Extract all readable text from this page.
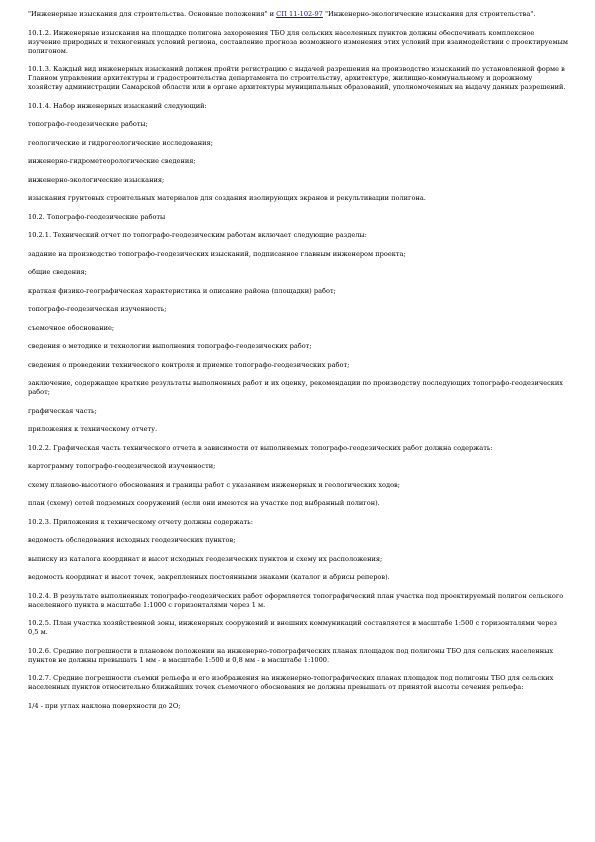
"Инженерные изыскания для строительства. Основные положения" и СП 11-102-97 "Инженерно-экологические изыскания для строительства".

10.1.2. Инженерные изыскания на площадке полигона захоронения ТБО для сельских населенных пунктов должны обеспечивать комплексное изучение природных и техногенных условий региона, составление прогноза возможного изменения этих условий при взаимодействии с проектируемым полигоном.

10.1.3. Каждый вид инженерных изысканий должен пройти регистрацию с выдачей разрешения на производство изысканий по установленной форме в Главном управлении архитектуры и градостроительства департамента по строительству, архитектуре, жилищно-коммунальному и дорожному хозяйству администрации Самарской области или в органе архитектуры муниципальных образований, уполномоченных на выдачу данных разрешений.

10.1.4. Набор инженерных изысканий следующий:

топографо-геодезические работы;

геологические и гидрогеологические исследования;

инженерно-гидрометеорологические сведения;

инженерно-экологические изыскания;

изыскания грунтовых строительных материалов для создания изолирующих экранов и рекультивации полигона.

10.2. Топографо-геодезические работы

10.2.1. Технический отчет по топографо-геодезическим работам включает следующие разделы:

задание на производство топографо-геодезических изысканий, подписанное главным инженером проекта;

общие сведения;

краткая физико-географическая характеристика и описание района (площадки) работ;

топографо-геодезическая изученность;

съемочное обоснование;

сведения о методике и технологии выполнения топографо-геодезических работ;

сведения о проведении технического контроля и приемке топографо-геодезических работ;

заключение, содержащее краткие результаты выполненных работ и их оценку, рекомендации по производству последующих топографо-геодезических работ;

графическая часть;

приложения к техническому отчету.

10.2.2. Графическая часть технического отчета в зависимости от выполняемых топографо-геодезических работ должна содержать:

картограмму топографо-геодезической изученности;

схему планово-высотного обоснования и границы работ с указанием инженерных и геологических ходов;

план (схему) сетей подземных сооружений (если они имеются на участке под выбранный полигон).

10.2.3. Приложения к техническому отчету должны содержать:

ведомость обследования исходных геодезических пунктов;

выписку из каталога координат и высот исходных геодезических пунктов и схему их расположения;

ведомость координат и высот точек, закрепленных постоянными знаками (каталог и абрисы реперов).

10.2.4. В результате выполненных топографо-геодезических работ оформляется топографический план участка под проектируемый полигон сельского населенного пункта в масштабе 1:1000 с горизонталями через 1 м.

10.2.5. План участка хозяйственной зоны, инженерных сооружений и внешних коммуникаций составляется в масштабе 1:500 с горизонталями через 0,5 м.

10.2.6. Средние погрешности в плановом положении на инженерно-топографических планах площадок под полигоны ТБО для сельских населенных пунктов не должны превышать 1 мм - в масштабе 1:500 и 0,8 мм - в масштабе 1:1000.

10.2.7. Средние погрешности съемки рельефа и его изображения на инженерно-топографических планах площадок под полигоны ТБО для сельских населенных пунктов относительно ближайших точек съемочного обоснования не должны превышать от принятой высоты сечения рельефа:

1/4 - при углах наклона поверхности до 2О;
